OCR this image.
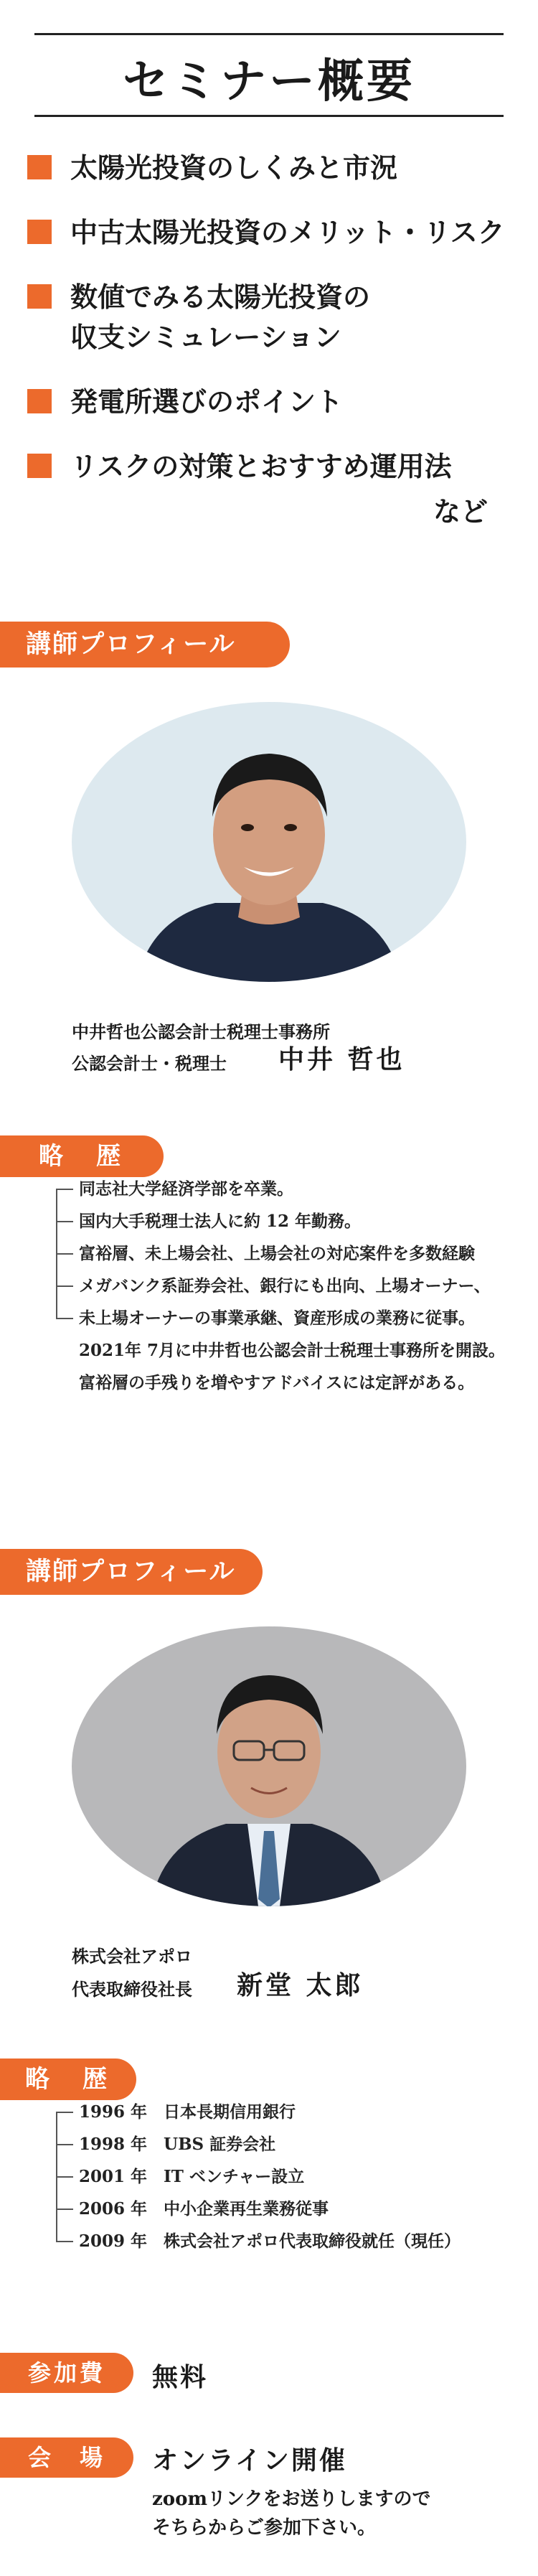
セミナー概要
太陽光投資のしくみと市況
中古太陽光投資のメリット・リスク
数値でみる太陽光投資の
収支シミュレーション
発電所選びのポイント
リスクの対策とおすすめ運用法
など
講師プロフィール
中井哲也公認会計士税理士事務所
公認会計士・税理士 中井 哲也
略　歴
同志社大学経済学部を卒業。
国内大手税理士法人に約 12 年勤務。
富裕層、未上場会社、上場会社の対応案件を多数経験
メガバンク系証券会社、銀行にも出向、上場オーナー、
未上場オーナーの事業承継、資産形成の業務に従事。
2021年 7月に中井哲也公認会計士税理士事務所を開設。
富裕層の手残りを増やすアドバイスには定評がある。
講師プロフィール
株式会社アポロ
代表取締役社長 新堂 太郎
略　歴
1996 年　日本長期信用銀行
1998 年　UBS 証券会社
2001 年　IT ベンチャー設立
2006 年　中小企業再生業務従事
2009 年　株式会社アポロ代表取締役就任（現任）
参加費	無料
会　場	オンライン開催
zoomリンクをお送りしますので
そちらからご参加下さい。
